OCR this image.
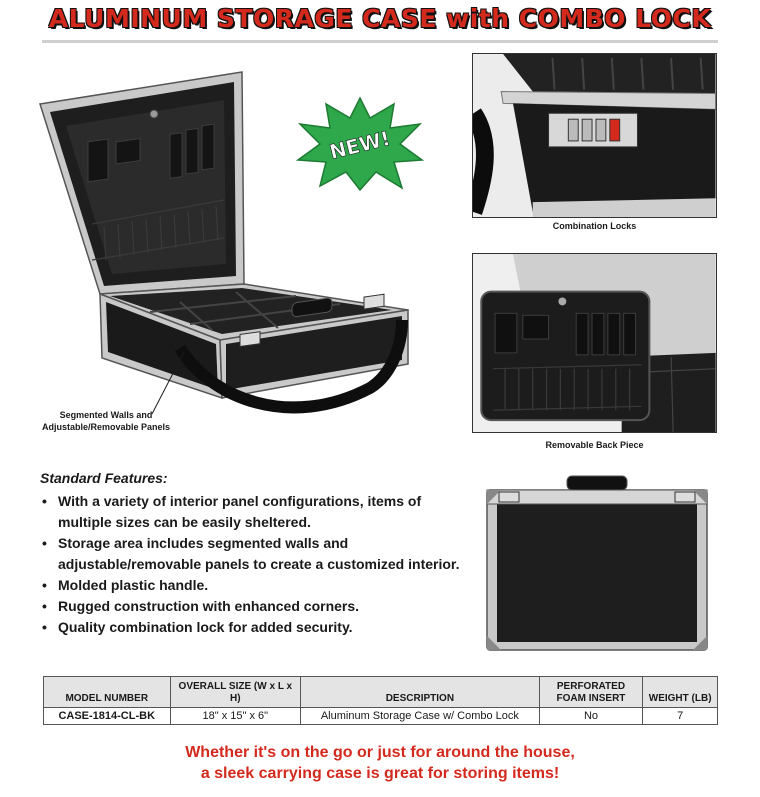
ALUMINUM STORAGE CASE with COMBO LOCK
NEW!
Segmented Walls and Adjustable/Removable Panels
Combination Locks
Removable Back Piece
Standard Features:
• With a variety of interior panel configurations, items of multiple sizes can be easily sheltered.
• Storage area includes segmented walls and adjustable/removable panels to create a customized interior.
• Molded plastic handle.
• Rugged construction with enhanced corners.
• Quality combination lock for added security.
MODEL NUMBER	OVERALL SIZE (W x L x H)	DESCRIPTION	PERFORATED FOAM INSERT	WEIGHT (LB)
CASE-1814-CL-BK	18" x 15" x 6"	Aluminum Storage Case w/ Combo Lock	No	7
Whether it's on the go or just for around the house,
a sleek carrying case is great for storing items!
